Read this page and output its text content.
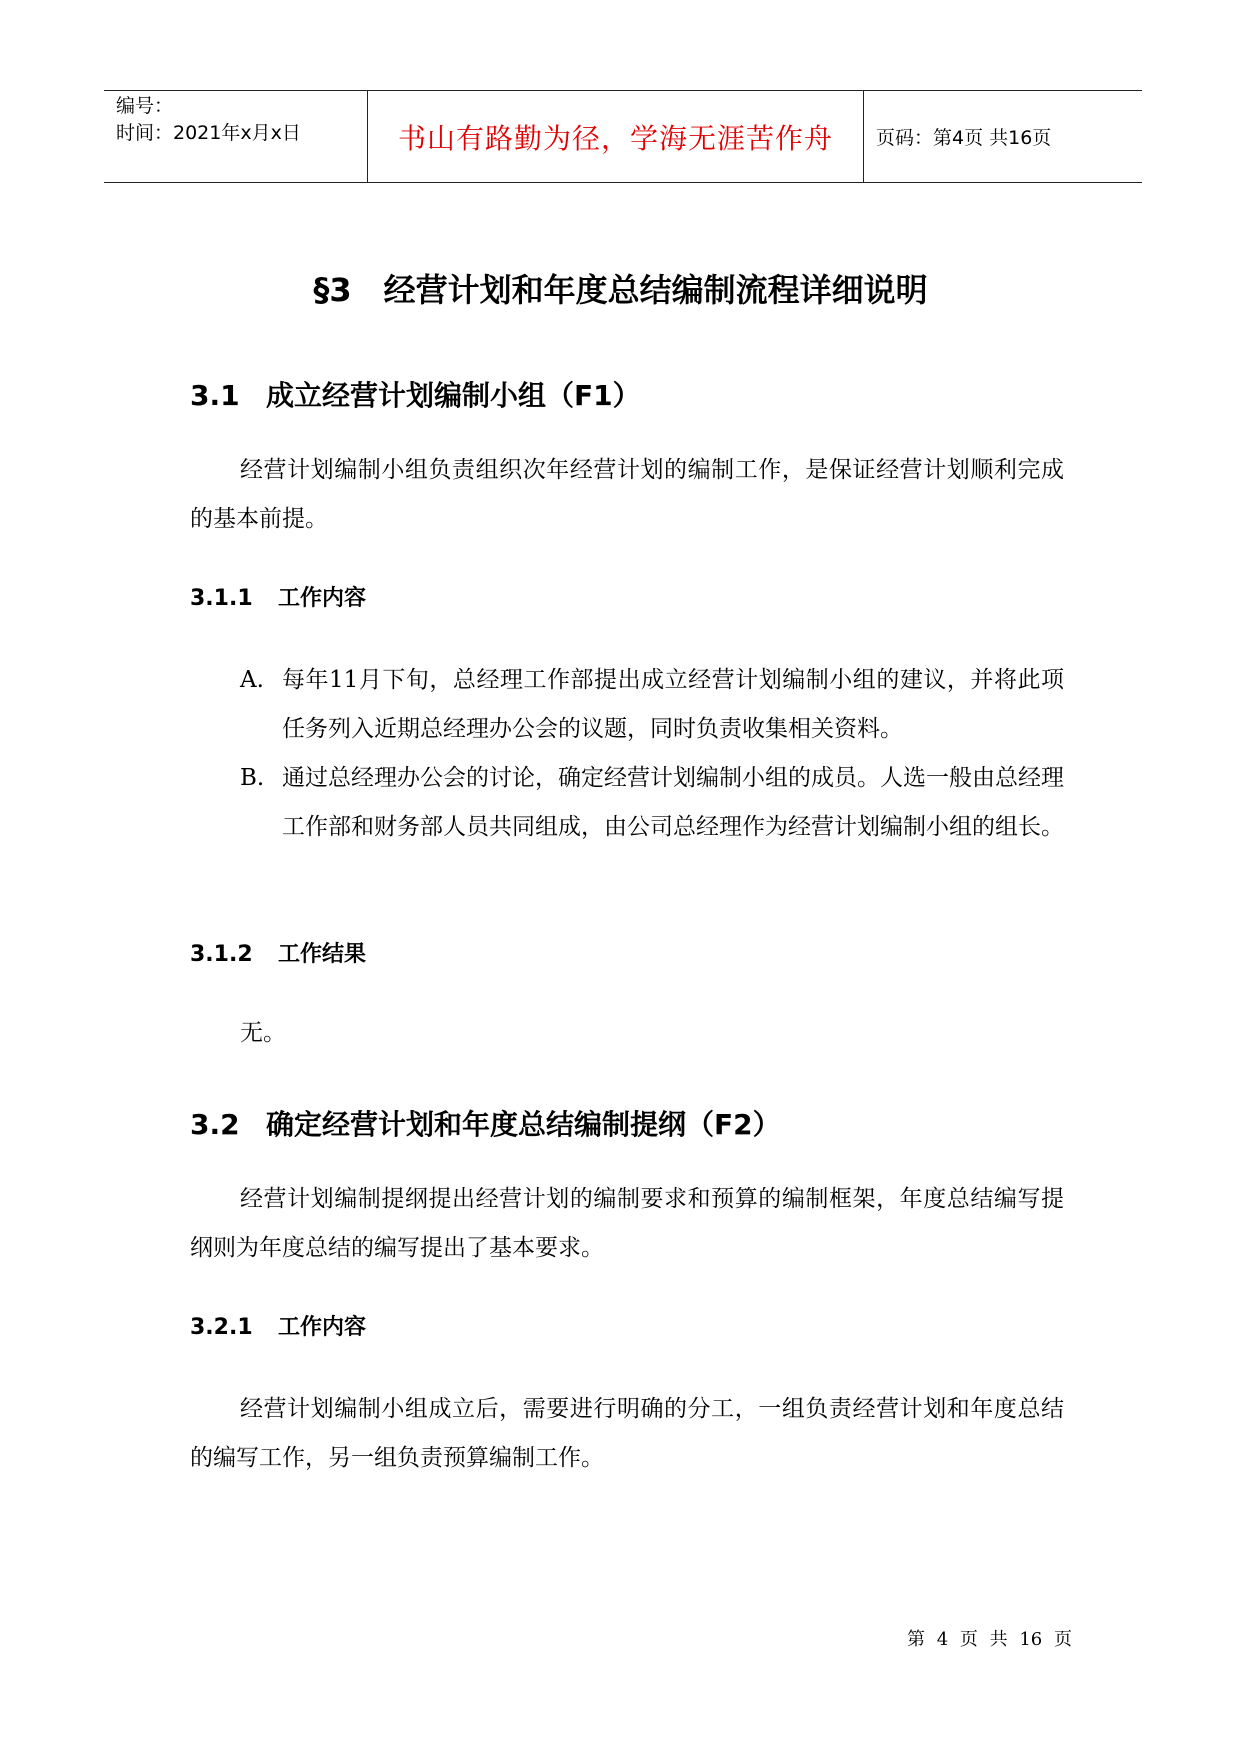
编号：
时间：2021年x月x日	书山有路勤为径，学海无涯苦作舟	页码：第4页 共16页
§3　经营计划和年度总结编制流程详细说明
3.1 成立经营计划编制小组（F1）
经营计划编制小组负责组织次年经营计划的编制工作，是保证经营计划顺利完成的基本前提。
3.1.1 工作内容
A. 每年11月下旬，总经理工作部提出成立经营计划编制小组的建议，并将此项任务列入近期总经理办公会的议题，同时负责收集相关资料。
B. 通过总经理办公会的讨论，确定经营计划编制小组的成员。人选一般由总经理工作部和财务部人员共同组成，由公司总经理作为经营计划编制小组的组长。
3.1.2 工作结果
无。
3.2 确定经营计划和年度总结编制提纲（F2）
经营计划编制提纲提出经营计划的编制要求和预算的编制框架，年度总结编写提纲则为年度总结的编写提出了基本要求。
3.2.1 工作内容
经营计划编制小组成立后，需要进行明确的分工，一组负责经营计划和年度总结的编写工作，另一组负责预算编制工作。
第 4 页 共 16 页
